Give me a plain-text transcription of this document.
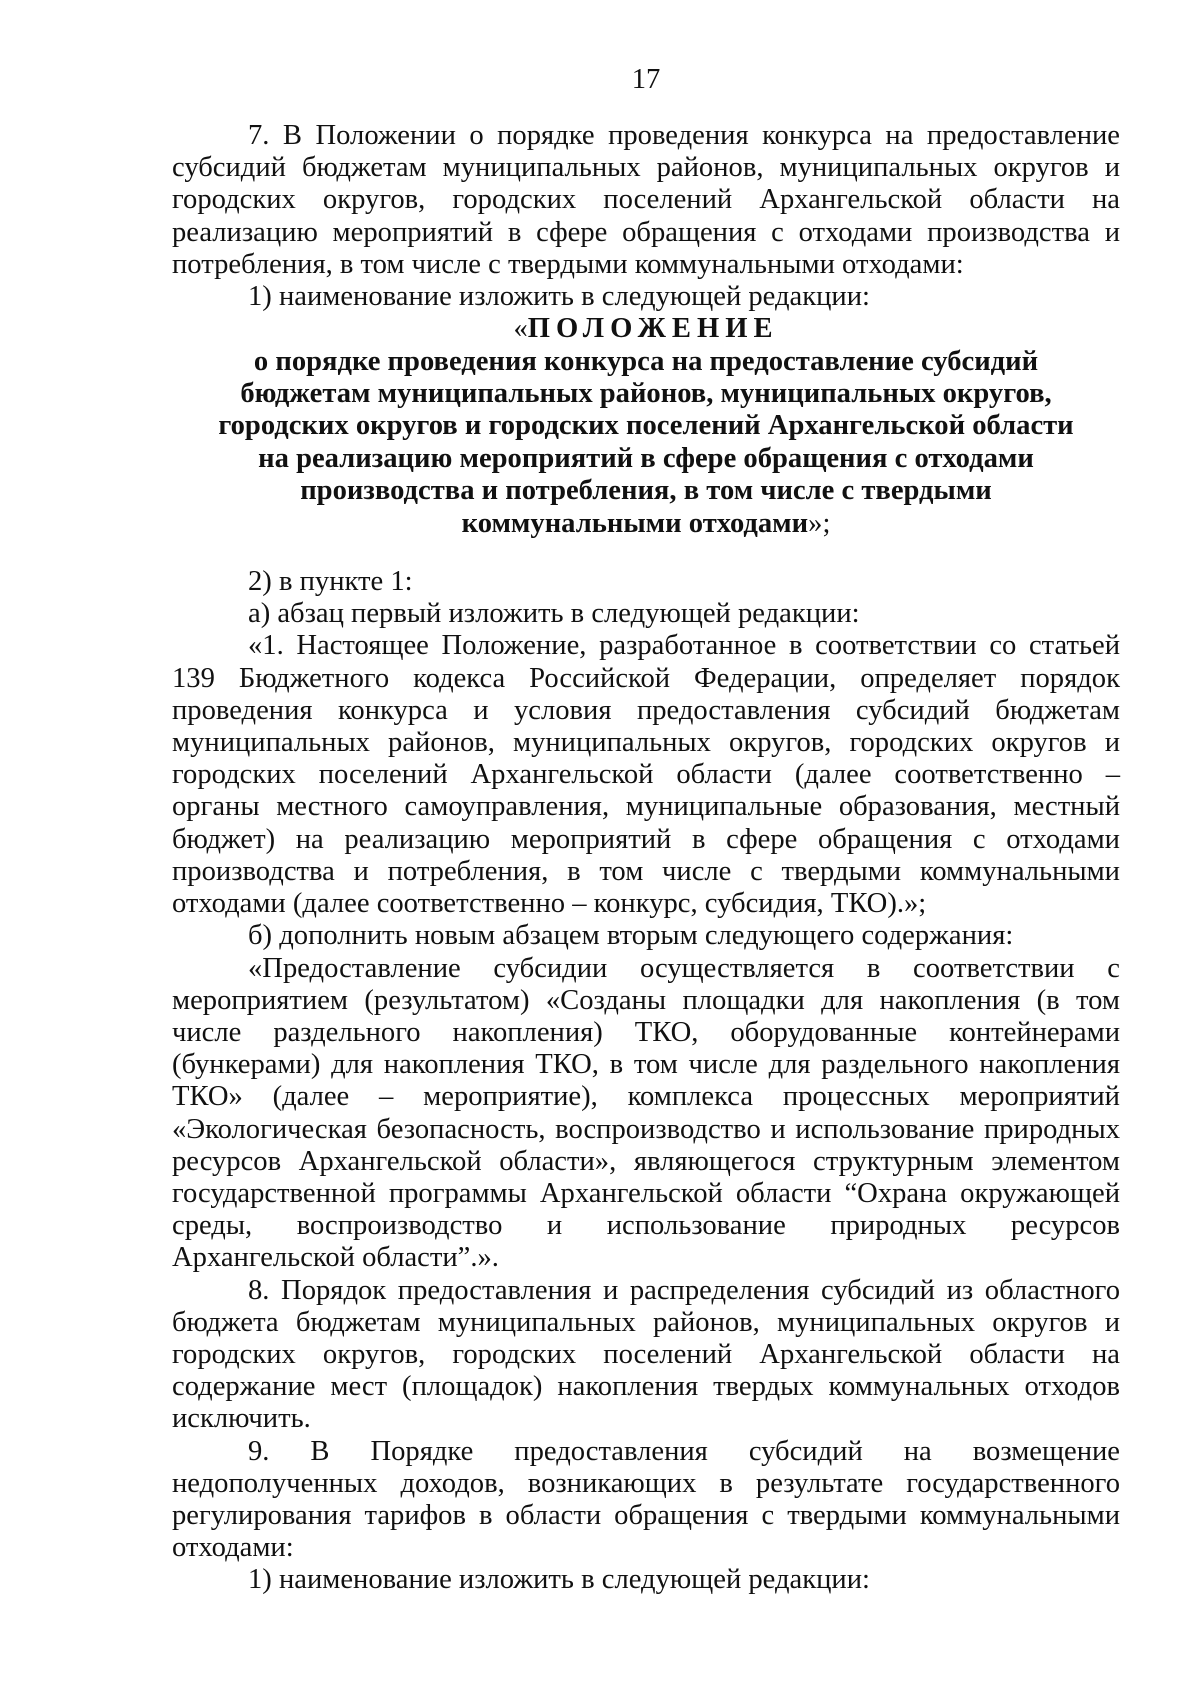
17

7. В Положении о порядке проведения конкурса на предоставление субсидий бюджетам муниципальных районов, муниципальных округов и городских округов, городских поселений Архангельской области на реализацию мероприятий в сфере обращения с отходами производства и потребления, в том числе с твердыми коммунальными отходами:

1) наименование изложить в следующей редакции:

«ПОЛОЖЕНИЕ

о порядке проведения конкурса на предоставление субсидий

бюджетам муниципальных районов, муниципальных округов,

городских округов и городских поселений Архангельской области

на реализацию мероприятий в сфере обращения с отходами

производства и потребления, в том числе с твердыми

коммунальными отходами»;

2) в пункте 1:

а) абзац первый изложить в следующей редакции:

«1. Настоящее Положение, разработанное в соответствии со статьей 139 Бюджетного кодекса Российской Федерации, определяет порядок проведения конкурса и условия предоставления субсидий бюджетам муниципальных районов, муниципальных округов, городских округов и городских поселений Архангельской области (далее соответственно – органы местного самоуправления, муниципальные образования, местный бюджет) на реализацию мероприятий в сфере обращения с отходами производства и потребления, в том числе с твердыми коммунальными отходами (далее соответственно – конкурс, субсидия, ТКО).»;

б) дополнить новым абзацем вторым следующего содержания:

«Предоставление субсидии осуществляется в соответствии с мероприятием (результатом) «Созданы площадки для накопления (в том числе раздельного накопления) ТКО, оборудованные контейнерами (бункерами) для накопления ТКО, в том числе для раздельного накопления ТКО» (далее – мероприятие), комплекса процессных мероприятий «Экологическая безопасность, воспроизводство и использование природных ресурсов Архангельской области», являющегося структурным элементом государственной программы Архангельской области “Охрана окружающей среды, воспроизводство и использование природных ресурсов Архангельской области”.».

8. Порядок предоставления и распределения субсидий из областного бюджета бюджетам муниципальных районов, муниципальных округов и городских округов, городских поселений Архангельской области на содержание мест (площадок) накопления твердых коммунальных отходов исключить.

9. В Порядке предоставления субсидий на возмещение недополученных доходов, возникающих в результате государственного регулирования тарифов в области обращения с твердыми коммунальными отходами:

1) наименование изложить в следующей редакции:
